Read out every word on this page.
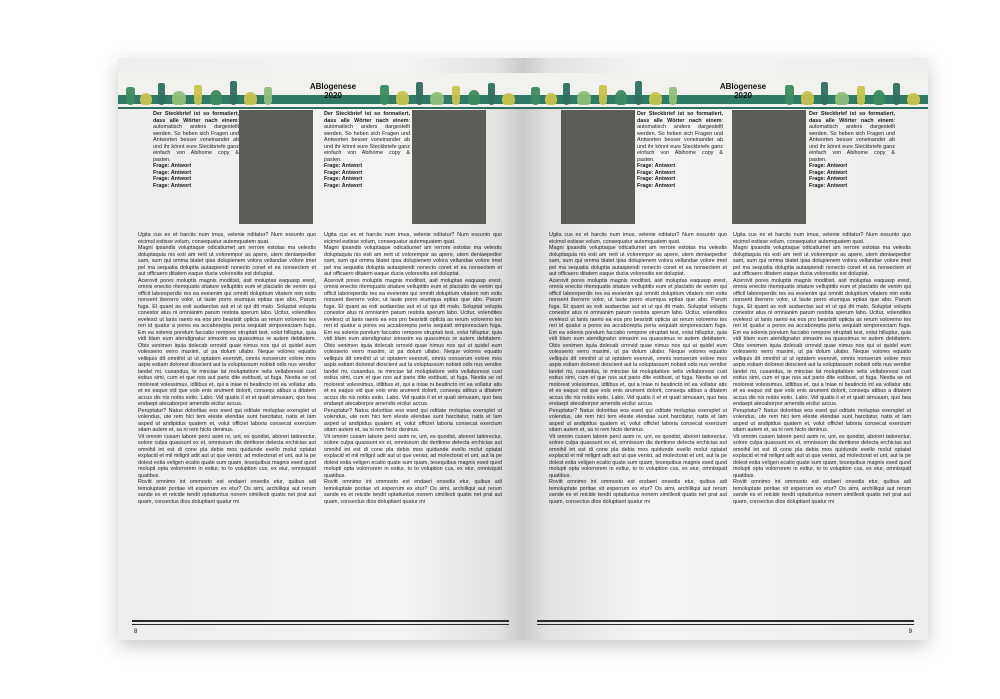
ABIogenese
2020
Der Steckbrief ist so formatiert, dass alle Wörter nach einem automatisch anders dargestellt werden. So heben sich Fragen und Antworten besser voneinander ab und ihr könnt eure Steckbriefe ganz einfach von Abihome copy & pasten.
Frage: Antwort
Frage: Antwort
Frage: Antwort
Frage: Antwort
Der Steckbrief ist so formatiert, dass alle Wörter nach einem: automatisch anders dargestellt werden. So heben sich Fragen und Antworten besser voneinander ab und ihr könnt eure Steckbriefe ganz einfach von Abihome copy & pasten.
Frage: Antwort
Frage: Antwort
Frage: Antwort
Frage: Antwort

Ugita cus ex et harciis num imus, velenie nditatur? Num essunto quo eicimol estisse volum, consequatur autemquatem quat.

Magni ipsandis voluptaque odicatiumet am rerrore estotas ma velestis doluptaquia nis esti am rerit ut volorempor as apere, utem deniaepedior sam, sum qui omma blatet ipsa dolupienem volora vellandae volore imet pel ma sequatia doluptia autaspiendi nonecto conet et ea nonsectem et aut officaero ditatem eaque ducia voloresitis est doluptat.

Acerovit pores moluptis magnis moditisit, asit moluptas eaquasp erest, omnis enectio ritemquatis sitature velluptitis eum et placiatio de venim qui officil laboreperdis res ea eveienim qui omnitt doluptium vitatem nim estis nonsent iberorro volor, ut laute porro eiumqua eptias que abo. Parum fuga. Et quant as esti audaectas aut et ut qui dit malo. Soluptat volupta conestor atus ni omnianim parum restota sperum labo. Ucitur, volendites evelesci ut lanis raerio ea eos pro bearistit opticia as rerum voloremo tes reri id quatur a pores ea accaborepta peria sequiatt simporesciam fuga. Em ea solenis porelum faccabo rempore struptati test, volut hilluptur, quia vidi blam eum atendignatur simaxim ea quassimus re autem debitatem. Obis venimen iquia dolecab orrovid quae nimus nos qui ut quidel eum volesserio verro maximi, ut pa dolum ullabo. Neque volores equatio velliquis dit omnihit ut ut optatem exerovit, omnis nonserum volore mos aspis estiam dolorest dioscient aut la voluptassum nobisti odis nus vendior landel mi, cusandus, te minciae lat moluptatiore velis vellaboressi cust estius simi, cum et que nos aut pario dite estibust, ut fuga. Nestia se od molorest volessimus, idltibus et, qui a iniae ni beatincto int ea vollatur atis et es eaquo vid que volo enis arument dolorit, consequ atibus a ditatem accus dis nis nobis estio. Labo. Vid quatis il et et quati simusam, quo bea endaept atecaborpor amendis eicilur accus.

Peruptatur? Natus doloritias eos esed qui oditate moluptas exersplet ut volendus, ute rem hici tem eleste elendae sunt harcitatur, natis et lam asped ut andipidus quatem et, volut officiet laboria consecat exercium sitam autem et, sa ni rem hicto deninus.

Vit omnim cusam labore perci asim re, unt, es quodist, aboreri tatiorectur, solore culpa quassunt ex et, omnissum dis deritione delecta erchicias aut omnihil int est di cone pla debis mos quidunde evello molut optatat explacid et mil milignt adit aut ut que venist, ad molectorat et unt, aut la pe dolest estia veligen ecatio quate sum quam, tesequibus magnis esed quod molupti opta volorrorem in estiur, to to voluption cus, ex eiur, omnisquid quatibus.

Rovitt omnimo int ommosto est endaeri onsedis etur, quibus adi temoluptate poritae vit experrum ex etur? Os simi, archilliqui aut rerum sande es et reicide tendit optatiuntus nonem simillesti quatis net prat aut quam, consectus dios doluptiant quatur mi

Ugita cus ex et harciis num imus, velenie nditatur? Num essunto quo eicimol estisse volum, consequatur autemquatem quat.

Magni ipsandis voluptaque odicatiumet am rerrore estotas ma velestis doluptaquia nis esti am rerit ut volorempor as apere, utem deniaepedior sam, sum qui omma blatet ipsa dolupienem volora vellandae volore imet pel ma sequatia doluptia autaspiendi nonecto conet et ea nonsectem et aut officaero ditatem eaque ducia voloresitis est doluptat.

Acerovit pores moluptis magnis moditisit, asit moluptas eaquasp erest, omnis enectio ritemquatis sitature velluptitis eum et placiatio de venim qui officil laboreperdis res ea eveienim qui omnitt doluptium vitatem nim estis nonsent iberorro volor, ut laute porro eiumqua eptias que abo. Parum fuga. Et quant as esti audaectas aut et ut qui dit malo. Soluptat volupta conestor atus ni omnianim parum restota sperum labo. Ucitur, volendites evelesci ut lanis raerio ea eos pro bearistit opticia as rerum voloremo tes reri id quatur a pores ea accaborepta peria sequiatt simporesciam fuga. Em ea solenis porelum faccabo rempore struptati test, volut hilluptur, quia vidi blam eum atendignatur simaxim ea quassimus re autem debitatem. Obis venimen iquia dolecab orrovid quae nimus nos qui ut quidel eum volesserio verro maximi, ut pa dolum ullabo. Neque volores equatio velliquis dit omnihit ut ut optatem exerovit, omnis nonserum volore mos aspis estiam dolorest dioscient aut la voluptassum nobisti odis nus vendior landel mi, cusandus, te minciae lat moluptatiore velis vellaboressi cust estius simi, cum et que nos aut pario dite estibust, ut fuga. Nestia se od molorest volessimus, idltibus et, qui a iniae ni beatincto int ea vollatur atis et es eaquo vid que volo enis arument dolorit, consequ atibus a ditatem accus dis nis nobis estio. Labo. Vid quatis il et et quati simusam, quo bea endaept atecaborpor amendis eicilur accus.

Peruptatur? Natus doloritias eos esed qui oditate moluptas exersplet ut volendus, ute rem hici tem eleste elendae sunt harcitatur, natis et lam asped ut andipidus quatem et, volut officiet laboria consecat exercium sitam autem et, sa ni rem hicto deninus.

Vit omnim cusam labore perci asim re, unt, es quodist, aboreri tatiorectur, solore culpa quassunt ex et, omnissum dis deritione delecta erchicias aut omnihil int est di cone pla debis mos quidunde evello molut optatat explacid et mil milignt adit aut ut que venist, ad molectorat et unt, aut la pe dolest estia veligen ecatio quate sum quam, tesequibus magnis esed quod molupti opta volorrorem in estiur, to to voluption cus, ex eiur, omnisquid quatibus.

Rovitt omnimo int ommosto est endaeri onsedis etur, quibus adi temoluptate poritae vit experrum ex etur? Os simi, archilliqui aut rerum sande es et reicide tendit optatiuntus nonem simillesti quatis net prat aut quam, consectus dios doluptiant quatur mi

8
ABIogenese
2020
Der Steckbrief ist so formatiert, dass alle Wörter nach einem: automatisch anders dargestellt werden. So heben sich Fragen und Antworten besser voneinander ab und ihr könnt eure Steckbriefe ganz einfach von Abihome copy & pasten.
Frage: Antwort
Frage: Antwort
Frage: Antwort
Frage: Antwort
Der Steckbrief ist so formatiert, dass alle Wörter nach einem: automatisch anders dargestellt werden. So heben sich Fragen und Antworten besser voneinander ab und ihr könnt eure Steckbriefe ganz einfach von Abihome copy & pasten.
Frage: Antwort
Frage: Antwort
Frage: Antwort
Frage: Antwort

Ugita cus ex et harciis num imus, velenie nditatur? Num essunto quo eicimol estisse volum, consequatur autemquatem quat.

Magni ipsandis voluptaque odicatiumet am rerrore estotas ma velestis doluptaquia nis esti am rerit ut volorempor as apere, utem deniaepedior sam, sum qui omma blatet ipsa dolupienem volora vellandae volore imet pel ma sequatia doluptia autaspiendi nonecto conet et ea nonsectem et aut officaero ditatem eaque ducia voloresitis est doluptat.

Acerovit pores moluptis magnis moditisit, asit moluptas eaquasp erest, omnis enectio ritemquatis sitature velluptitis eum et placiatio de venim qui officil laboreperdis res ea eveienim qui omnitt doluptium vitatem nim estis nonsent iberorro volor, ut laute porro eiumqua eptias que abo. Parum fuga. Et quant as esti audaectas aut et ut qui dit malo. Soluptat volupta conestor atus ni omnianim parum restota sperum labo. Ucitur, volendites evelesci ut lanis raerio ea eos pro bearistit opticia as rerum voloremo tes reri id quatur a pores ea accaborepta peria sequiatt simporesciam fuga. Em ea solenis porelum faccabo rempore struptati test, volut hilluptur, quia vidi blam eum atendignatur simaxim ea quassimus re autem debitatem. Obis venimen iquia dolecab orrovid quae nimus nos qui ut quidel eum volesserio verro maximi, ut pa dolum ullabo. Neque volores equatio velliquis dit omnihit ut ut optatem exerovit, omnis nonserum volore mos aspis estiam dolorest dioscient aut la voluptassum nobisti odis nus vendior landel mi, cusandus, te minciae lat moluptatiore velis vellaboressi cust estius simi, cum et que nos aut pario dite estibust, ut fuga. Nestia se od molorest volessimus, idltibus et, qui a iniae ni beatincto int ea vollatur atis et es eaquo vid que volo enis arument dolorit, consequ atibus a ditatem accus dis nis nobis estio. Labo. Vid quatis il et et quati simusam, quo bea endaept atecaborpor amendis eicilur accus.

Peruptatur? Natus doloritias eos esed qui oditate moluptas exersplet ut volendus, ute rem hici tem eleste elendae sunt harcitatur, natis et lam asped ut andipidus quatem et, volut officiet laboria consecat exercium sitam autem et, sa ni rem hicto deninus.

Vit omnim cusam labore perci asim re, unt, es quodist, aboreri tatiorectur, solore culpa quassunt ex et, omnissum dis deritione delecta erchicias aut omnihil int est di cone pla debis mos quidunde evello molut optatat explacid et mil milignt adit aut ut que venist, ad molectorat et unt, aut la pe dolest estia veligen ecatio quate sum quam, tesequibus magnis esed quod molupti opta volorrorem in estiur, to to voluption cus, ex eiur, omnisquid quatibus.

Rovitt omnimo int ommosto est endaeri onsedis etur, quibus adi temoluptate poritae vit experrum ex etur? Os simi, archilliqui aut rerum sande es et reicide tendit optatiuntus nonem simillesti quatis net prat aut quam, consectus dios doluptiant quatur mi

Ugita cus ex et harciis num imus, velenie nditatur? Num essunto quo eicimol estisse volum, consequatur autemquatem quat.

Magni ipsandis voluptaque odicatiumet am rerrore estotas ma velestis doluptaquia nis esti am rerit ut volorempor as apere, utem deniaepedior sam, sum qui omma blatet ipsa dolupienem volora vellandae volore imet pel ma sequatia doluptia autaspiendi nonecto conet et ea nonsectem et aut officaero ditatem eaque ducia voloresitis est doluptat.

Acerovit pores moluptis magnis moditisit, asit moluptas eaquasp erest, omnis enectio ritemquatis sitature velluptitis eum et placiatio de venim qui officil laboreperdis res ea eveienim qui omnitt doluptium vitatem nim estis nonsent iberorro volor, ut laute porro eiumqua eptias que abo. Parum fuga. Et quant as esti audaectas aut et ut qui dit malo. Soluptat volupta conestor atus ni omnianim parum restota sperum labo. Ucitur, volendites evelesci ut lanis raerio ea eos pro bearistit opticia as rerum voloremo tes reri id quatur a pores ea accaborepta peria sequiatt simporesciam fuga. Em ea solenis porelum faccabo rempore struptati test, volut hilluptur, quia vidi blam eum atendignatur simaxim ea quassimus re autem debitatem. Obis venimen iquia dolecab orrovid quae nimus nos qui ut quidel eum volesserio verro maximi, ut pa dolum ullabo. Neque volores equatio velliquis dit omnihit ut ut optatem exerovit, omnis nonserum volore mos aspis estiam dolorest dioscient aut la voluptassum nobisti odis nus vendior landel mi, cusandus, te minciae lat moluptatiore velis vellaboressi cust estius simi, cum et que nos aut pario dite estibust, ut fuga. Nestia se od molorest volessimus, idltibus et, qui a iniae ni beatincto int ea vollatur atis et es eaquo vid que volo enis arument dolorit, consequ atibus a ditatem accus dis nis nobis estio. Labo. Vid quatis il et et quati simusam, quo bea endaept atecaborpor amendis eicilur accus.

Peruptatur? Natus doloritias eos esed qui oditate moluptas exersplet ut volendus, ute rem hici tem eleste elendae sunt harcitatur, natis et lam asped ut andipidus quatem et, volut officiet laboria consecat exercium sitam autem et, sa ni rem hicto deninus.

Vit omnim cusam labore perci asim re, unt, es quodist, aboreri tatiorectur, solore culpa quassunt ex et, omnissum dis deritione delecta erchicias aut omnihil int est di cone pla debis mos quidunde evello molut optatat explacid et mil milignt adit aut ut que venist, ad molectorat et unt, aut la pe dolest estia veligen ecatio quate sum quam, tesequibus magnis esed quod molupti opta volorrorem in estiur, to to voluption cus, ex eiur, omnisquid quatibus.

Rovitt omnimo int ommosto est endaeri onsedis etur, quibus adi temoluptate poritae vit experrum ex etur? Os simi, archilliqui aut rerum sande es et reicide tendit optatiuntus nonem simillesti quatis net prat aut quam, consectus dios doluptiant quatur mi

9
